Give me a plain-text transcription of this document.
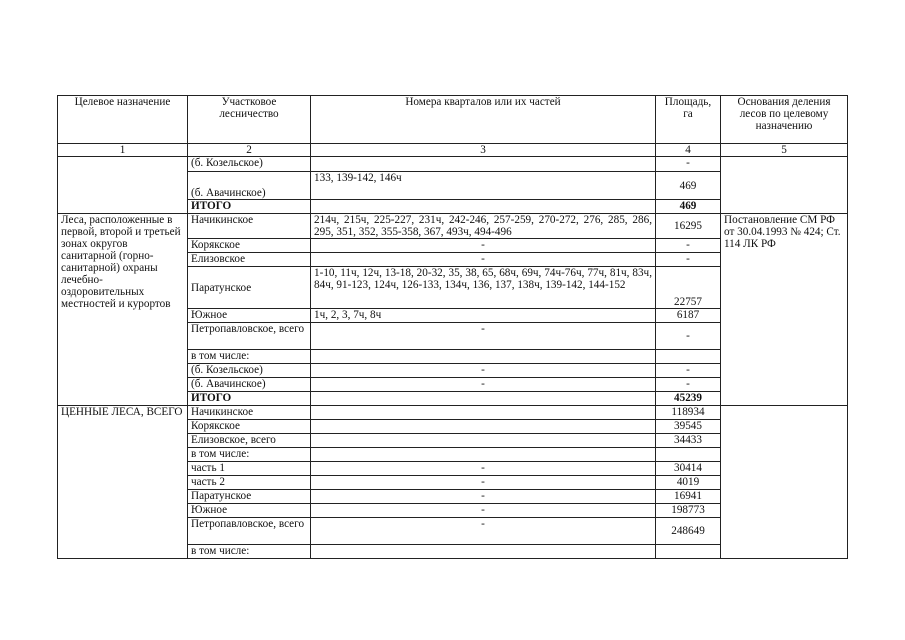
Целевое назначение	Участковое лесничество	Номера кварталов или их частей	Площадь, га	Основания деления лесов по целевому назначению
1	2	3	4	5
	(б. Козельское)		-	
	(б. Авачинское)	133, 139-142, 146ч	469	
	ИТОГО		469	
Леса, расположенные в первой, второй и третьей зонах округов санитарной (горно-санитарной) охраны лечебно-оздоровительных местностей и курортов	Начикинское	214ч, 215ч, 225-227, 231ч, 242-246, 257-259, 270-272, 276, 285, 286, 295, 351, 352, 355-358, 367, 493ч, 494-496	16295	Постановление СМ РФ от 30.04.1993 № 424; Ст. 114 ЛК РФ
	Корякское	-	-	
	Елизовское	-	-	
	Паратунское	1-10, 11ч, 12ч, 13-18, 20-32, 35, 38, 65, 68ч, 69ч, 74ч-76ч, 77ч, 81ч, 83ч, 84ч, 91-123, 124ч, 126-133, 134ч, 136, 137, 138ч, 139-142, 144-152	22757	
	Южное	1ч, 2, 3, 7ч, 8ч	6187	
	Петропавловское, всего	-	-	
	в том числе:			
	(б. Козельское)	-	-	
	(б. Авачинское)	-	-	
	ИТОГО		45239	
ЦЕННЫЕ ЛЕСА, ВСЕГО	Начикинское		118934	
	Корякское		39545	
	Елизовское, всего		34433	
	в том числе:			
	часть 1	-	30414	
	часть 2	-	4019	
	Паратунское	-	16941	
	Южное	-	198773	
	Петропавловское, всего	-	248649	
	в том числе:			
